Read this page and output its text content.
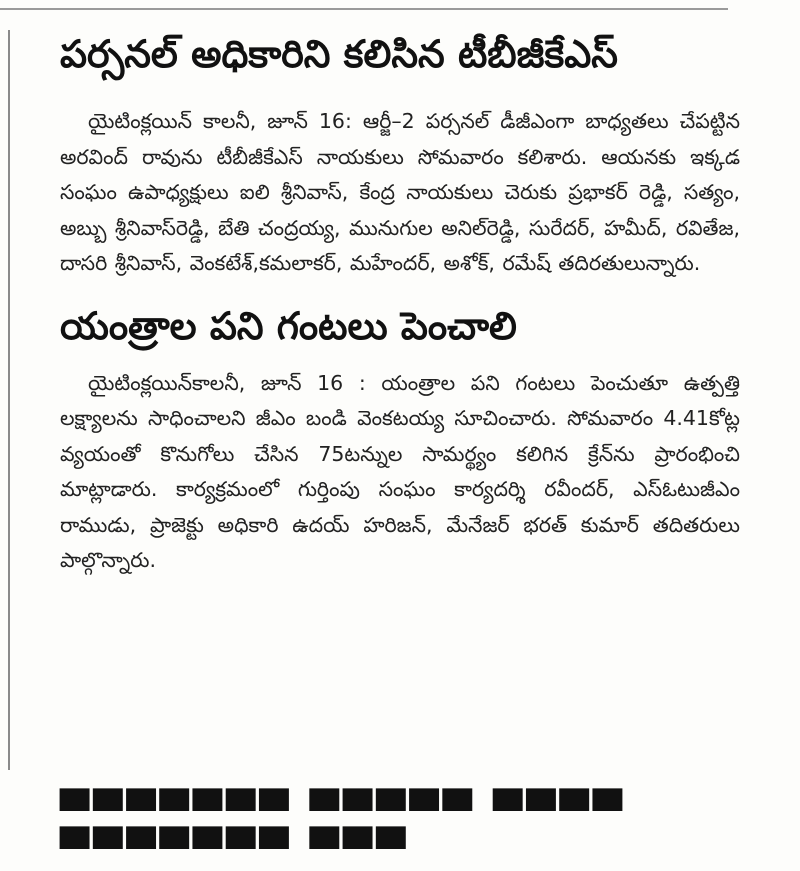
పర్సనల్ అధికారిని కలిసిన టీబీజీకేఎస్

యైటింక్లయిన్ కాలనీ, జూన్ 16: ఆర్జీ–2 పర్సనల్ డీజీఎంగా బాధ్యతలు చేపట్టిన అరవింద్ రావును టీబీజీకేఎస్ నాయకులు సోమవారం కలిశారు. ఆయనకు ఇక్కడ సంఘం ఉపాధ్యక్షులు ఐలి శ్రీనివాస్, కేంద్ర నాయకులు చెరుకు ప్రభాకర్ రెడ్డి, సత్యం, అబ్బు శ్రీనివాస్‌రెడ్డి, బేతి చంద్రయ్య, మునుగుల అనిల్‌రెడ్డి, సురేదర్, హమీద్, రవితేజ, దాసరి శ్రీనివాస్, వెంకటేశ్,కమలాకర్, మహేందర్, అశోక్, రమేష్ తదిరతులున్నారు.

యంత్రాల పని గంటలు పెంచాలి

యైటింక్లయిన్‌కాలనీ, జూన్ 16 : యంత్రాల పని గంటలు పెంచుతూ ఉత్పత్తి లక్ష్యాలను సాధించాలని జీఎం బండి వెంకటయ్య సూచించారు. సోమవారం 4.41కోట్ల వ్యయంతో కొనుగోలు చేసిన 75టన్నుల సామర్థ్యం కలిగిన క్రేన్‌ను ప్రారంభించి మాట్లాడారు. కార్యక్రమంలో గుర్తింపు సంఘం కార్యదర్శి రవీందర్, ఎస్ఓటుజీఎం రాముడు, ప్రాజెక్టు అధికారి ఉదయ్ హరిజన్, మేనేజర్ భరత్ కుమార్ తదితరులు పాల్గొన్నారు.

▀▀▀▀▀▀▀ ▀▀▀▀▀ ▀▀▀▀ ▀▀▀▀▀▀▀ ▀▀▀
